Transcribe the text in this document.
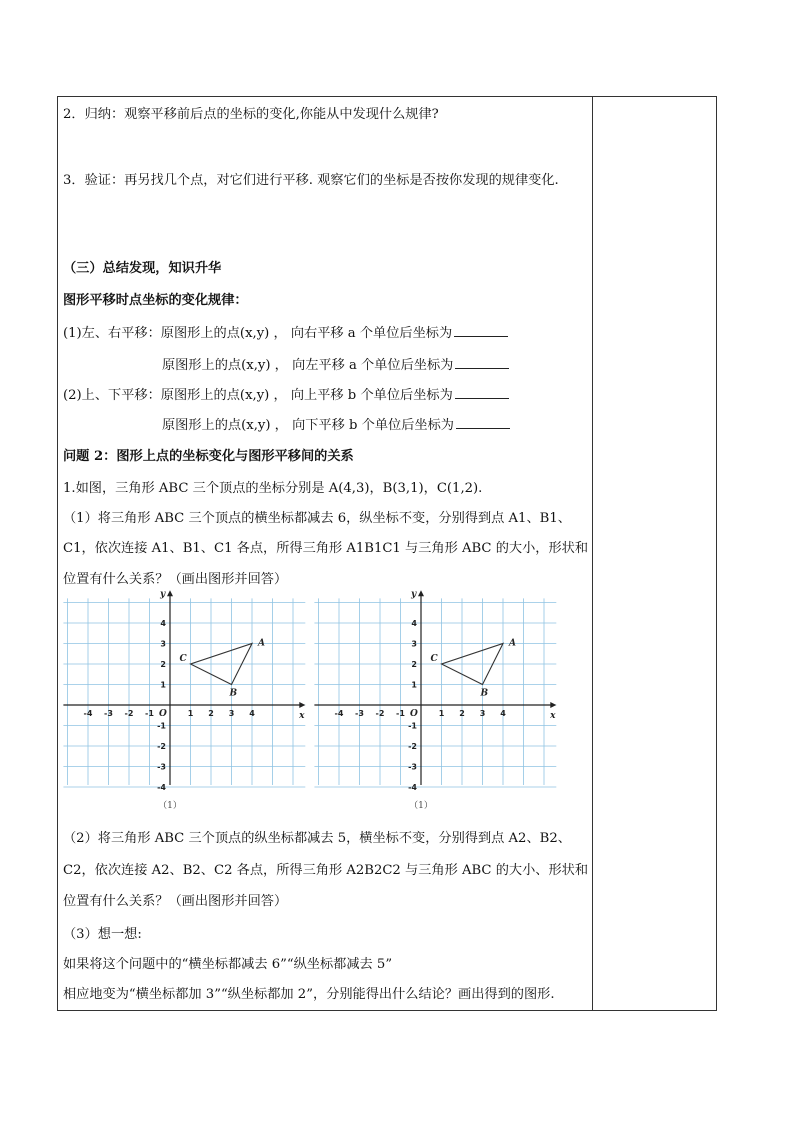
2．归纳：观察平移前后点的坐标的变化,你能从中发现什么规律?
3．验证：再另找几个点，对它们进行平移. 观察它们的坐标是否按你发现的规律变化.
（三）总结发现，知识升华
图形平移时点坐标的变化规律：
(1)左、右平移：原图形上的点(x,y) ， 向右平移 a 个单位后坐标为
原图形上的点(x,y) ， 向左平移 a 个单位后坐标为
(2)上、下平移：原图形上的点(x,y) ， 向上平移 b 个单位后坐标为
原图形上的点(x,y) ， 向下平移 b 个单位后坐标为
问题 2：图形上点的坐标变化与图形平移间的关系
1.如图，三角形 ABC 三个顶点的坐标分别是 A(4,3)，B(3,1)，C(1,2).
（1）将三角形 ABC 三个顶点的横坐标都减去 6，纵坐标不变，分别得到点 A1、B1、
C1，依次连接 A1、B1、C1 各点，所得三角形 A1B1C1 与三角形 ABC 的大小，形状和
位置有什么关系？（画出图形并回答）
x
y
O
-4 -3 -2 -1	1 2 3 4
4
3
2
1
-1
-2
-3
-4
A
B
C
（1）
x
y
O
-4 -3 -2 -1	1 2 3 4
4
3
2
1
-1
-2
-3
-4
A
B
C
（1）
（2）将三角形 ABC 三个顶点的纵坐标都减去 5，横坐标不变，分别得到点 A2、B2、
C2，依次连接 A2、B2、C2 各点，所得三角形 A2B2C2 与三角形 ABC 的大小、形状和
位置有什么关系？（画出图形并回答）
（3）想一想:
如果将这个问题中的“横坐标都减去 6”“纵坐标都减去 5”
相应地变为“横坐标都加 3”“纵坐标都加 2”，分别能得出什么结论？画出得到的图形.
